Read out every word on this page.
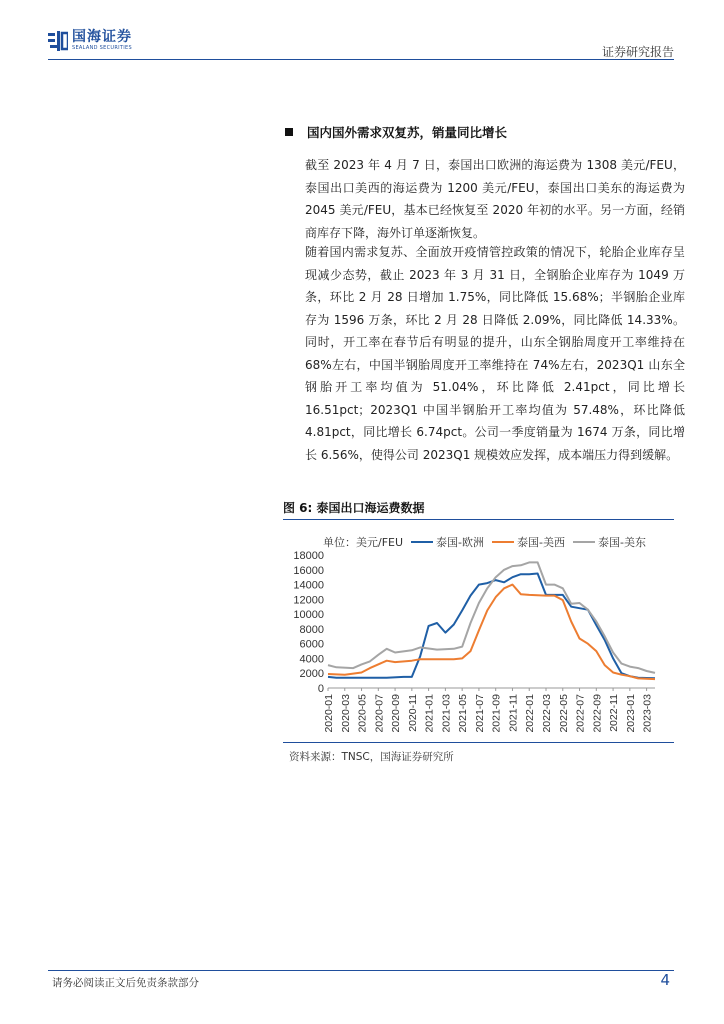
国海证券
SEALAND SECURITIES	证券研究报告
国内国外需求双复苏，销量同比增长

截至 2023 年 4 月 7 日，泰国出口欧洲的海运费为 1308 美元/FEU，泰国出口美西的海运费为 1200 美元/FEU，泰国出口美东的海运费为 2045 美元/FEU，基本已经恢复至 2020 年初的水平。另一方面，经销商库存下降，海外订单逐渐恢复。

随着国内需求复苏、全面放开疫情管控政策的情况下，轮胎企业库存呈现减少态势，截止 2023 年 3 月 31 日，全钢胎企业库存为 1049 万条，环比 2 月 28 日增加 1.75%，同比降低 15.68%；半钢胎企业库存为 1596 万条，环比 2 月 28 日降低 2.09%，同比降低 14.33%。同时，开工率在春节后有明显的提升，山东全钢胎周度开工率维持在 68%左右，中国半钢胎周度开工率维持在 74%左右，2023Q1 山东全钢胎开工率均值为 51.04%，环比降低 2.41pct，同比增长 16.51pct；2023Q1 中国半钢胎开工率均值为 57.48%，环比降低 4.81pct，同比增长 6.74pct。公司一季度销量为 1674 万条，同比增长 6.56%，使得公司 2023Q1 规模效应发挥，成本端压力得到缓解。

图 6: 泰国出口海运费数据
单位：美元/FEU	泰国-欧洲	泰国-美西	泰国-美东
18000
16000
14000
12000
10000
8000
6000
4000
2000
0
2020-01 2020-03 2020-05 2020-07 2020-09 2020-11 2021-01 2021-03 2021-05 2021-07 2021-09 2021-11 2022-01 2022-03 2022-05 2022-07 2022-09 2022-11 2023-01 2023-03
资料来源：TNSC，国海证券研究所
请务必阅读正文后免责条款部分	4
